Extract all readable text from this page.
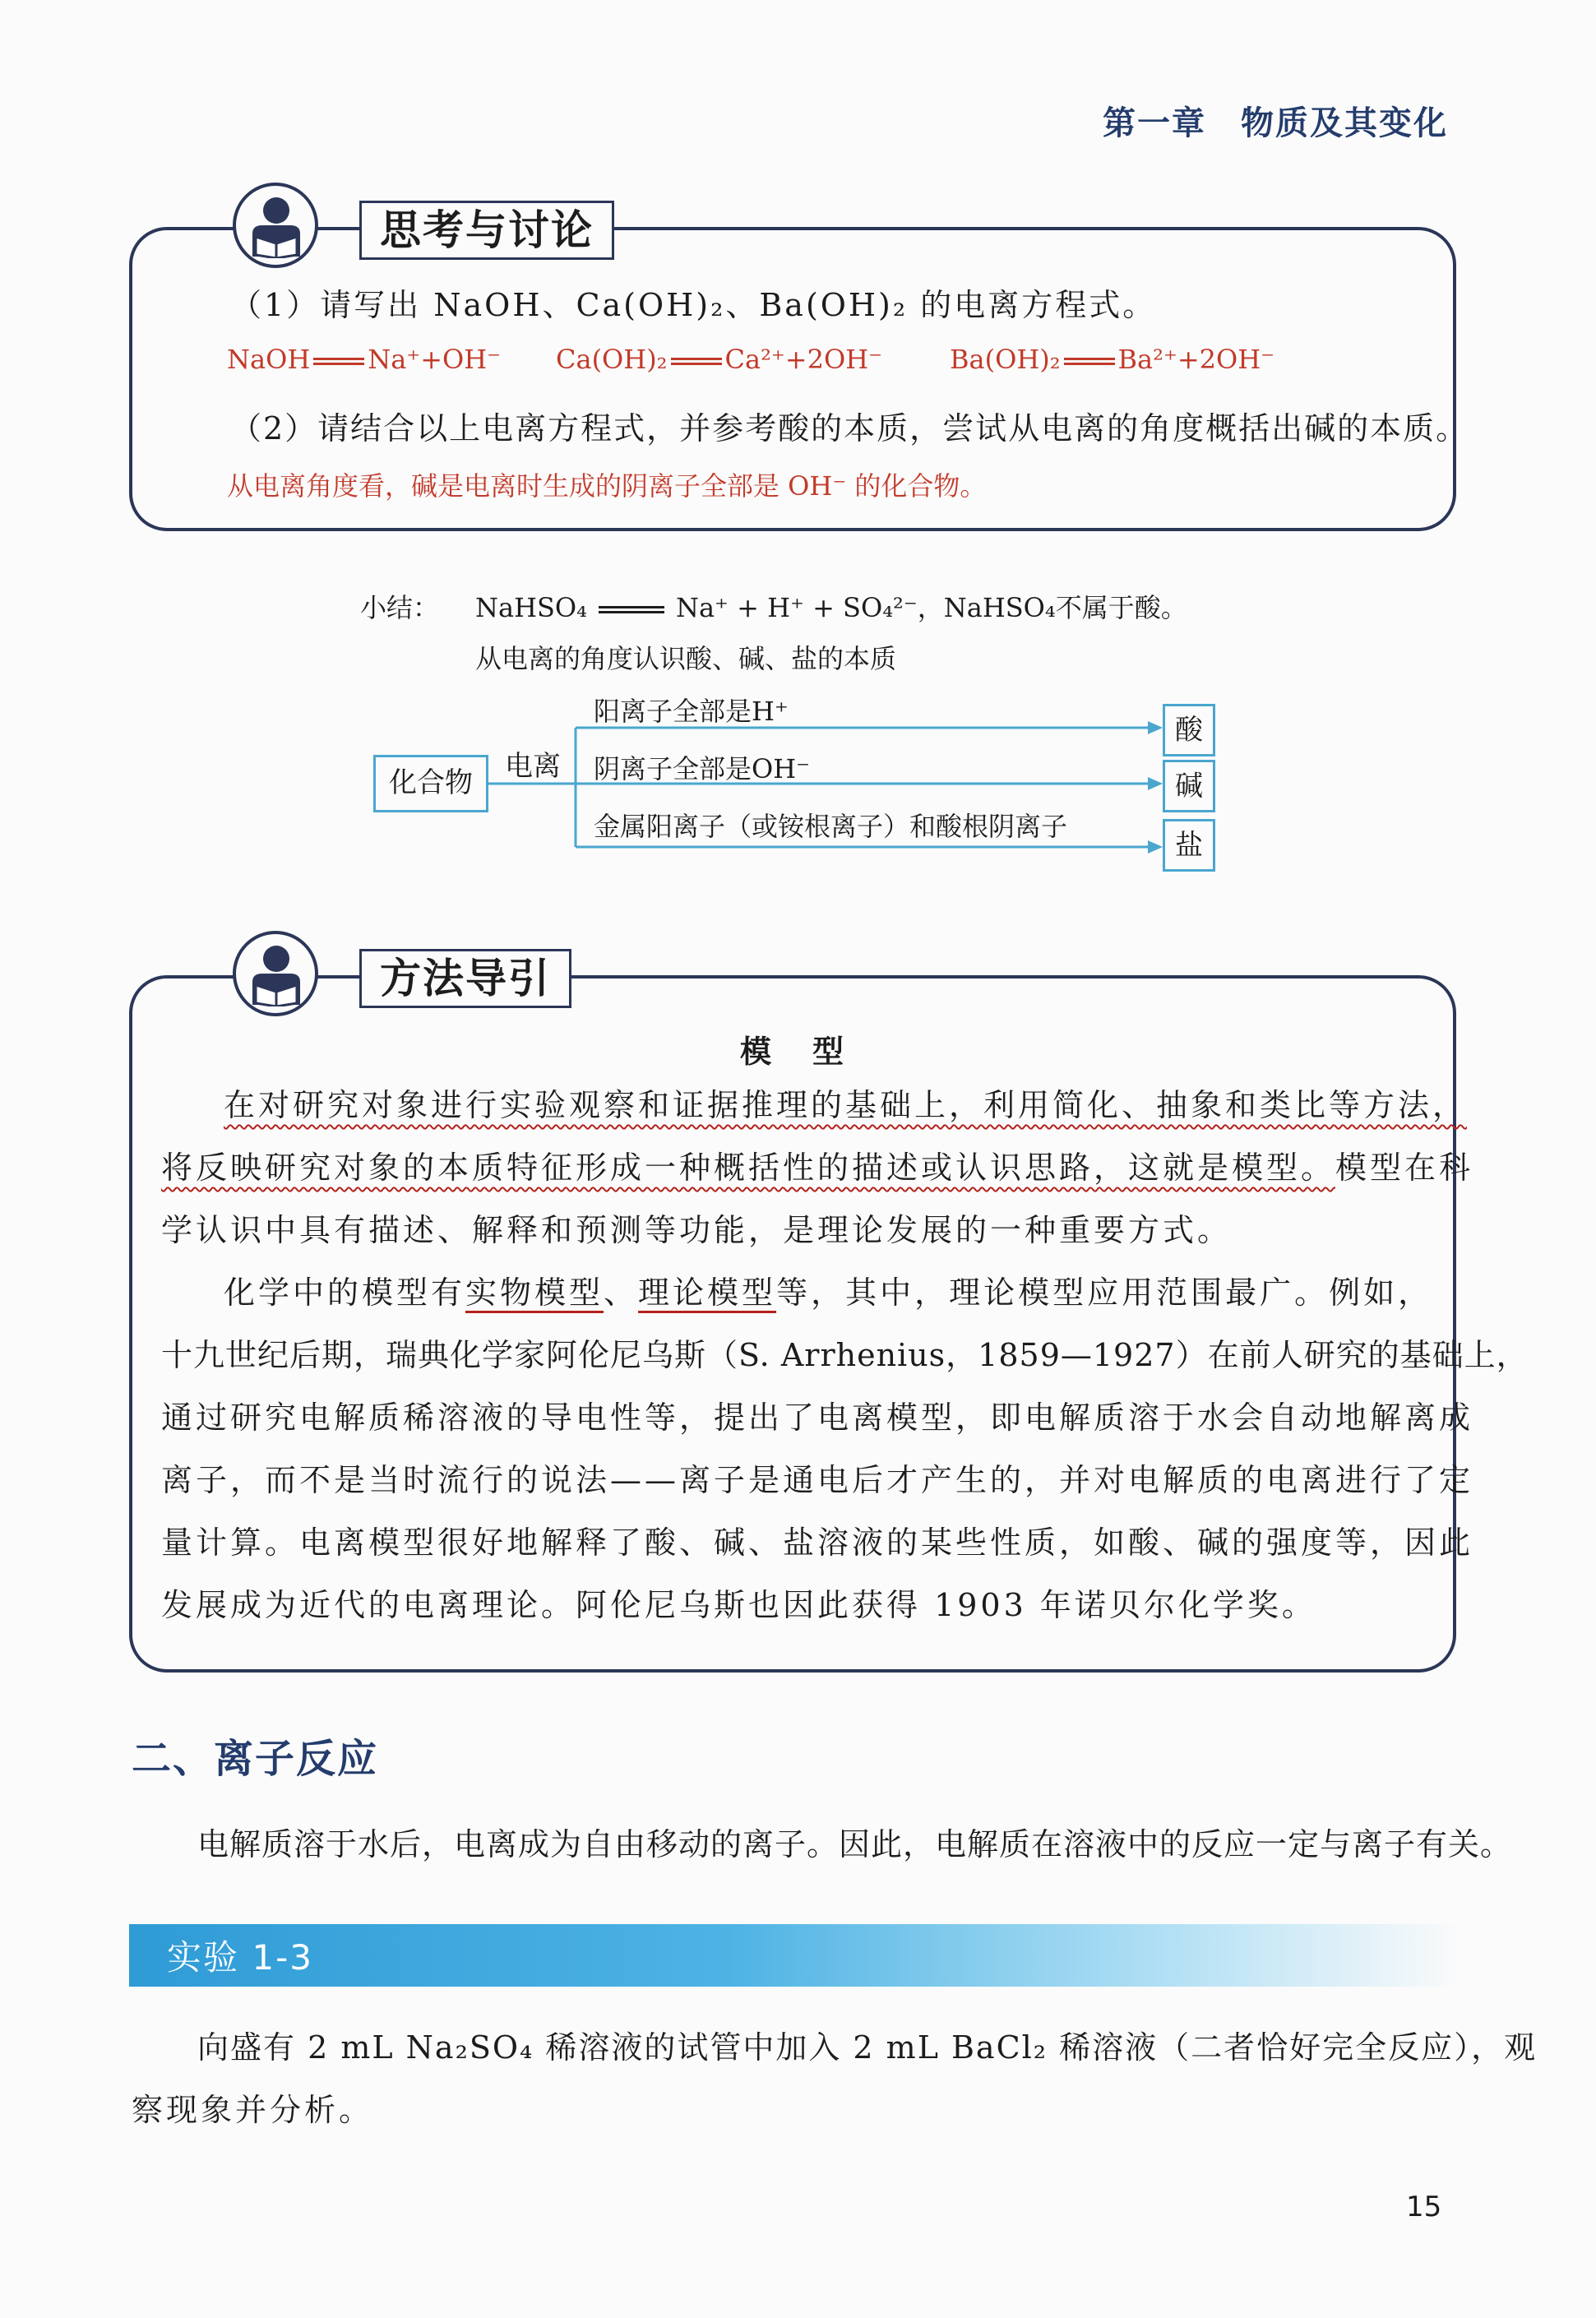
第一章　物质及其变化
思考与讨论
（1）请写出 NaOH、Ca(OH)₂、Ba(OH)₂ 的电离方程式。
NaOH Na⁺+OH⁻ Ca(OH)₂ Ca²⁺+2OH⁻	Ba(OH)₂ Ba²⁺+2OH⁻
（2）请结合以上电离方程式，并参考酸的本质，尝试从电离的角度概括出碱的本质。
从电离角度看，碱是电离时生成的阴离子全部是 OH⁻ 的化合物。
小结： NaHSO₄	Na⁺ + H⁺ + SO₄²⁻，NaHSO₄不属于酸。
从电离的角度认识酸、碱、盐的本质
化合物	电离
阳离子全部是H⁺
阴离子全部是OH⁻
金属阳离子（或铵根离子）和酸根阴离子
酸
碱
盐
方法导引
模　型
在对研究对象进行实验观察和证据推理的基础上，利用简化、抽象和类比等方法，
将反映研究对象的本质特征形成一种概括性的描述或认识思路，这就是模型。模型在科
学认识中具有描述、解释和预测等功能，是理论发展的一种重要方式。
化学中的模型有实物模型、理论模型等，其中，理论模型应用范围最广。例如，
十九世纪后期，瑞典化学家阿伦尼乌斯（S. Arrhenius，1859—1927）在前人研究的基础上，
通过研究电解质稀溶液的导电性等，提出了电离模型，即电解质溶于水会自动地解离成
离子，而不是当时流行的说法——离子是通电后才产生的，并对电解质的电离进行了定
量计算。电离模型很好地解释了酸、碱、盐溶液的某些性质，如酸、碱的强度等，因此
发展成为近代的电离理论。阿伦尼乌斯也因此获得 1903 年诺贝尔化学奖。
二、离子反应
电解质溶于水后，电离成为自由移动的离子。因此，电解质在溶液中的反应一定与离子有关。
实验 1-3
向盛有 2 mL Na₂SO₄ 稀溶液的试管中加入 2 mL BaCl₂ 稀溶液（二者恰好完全反应），观
察现象并分析。
15
